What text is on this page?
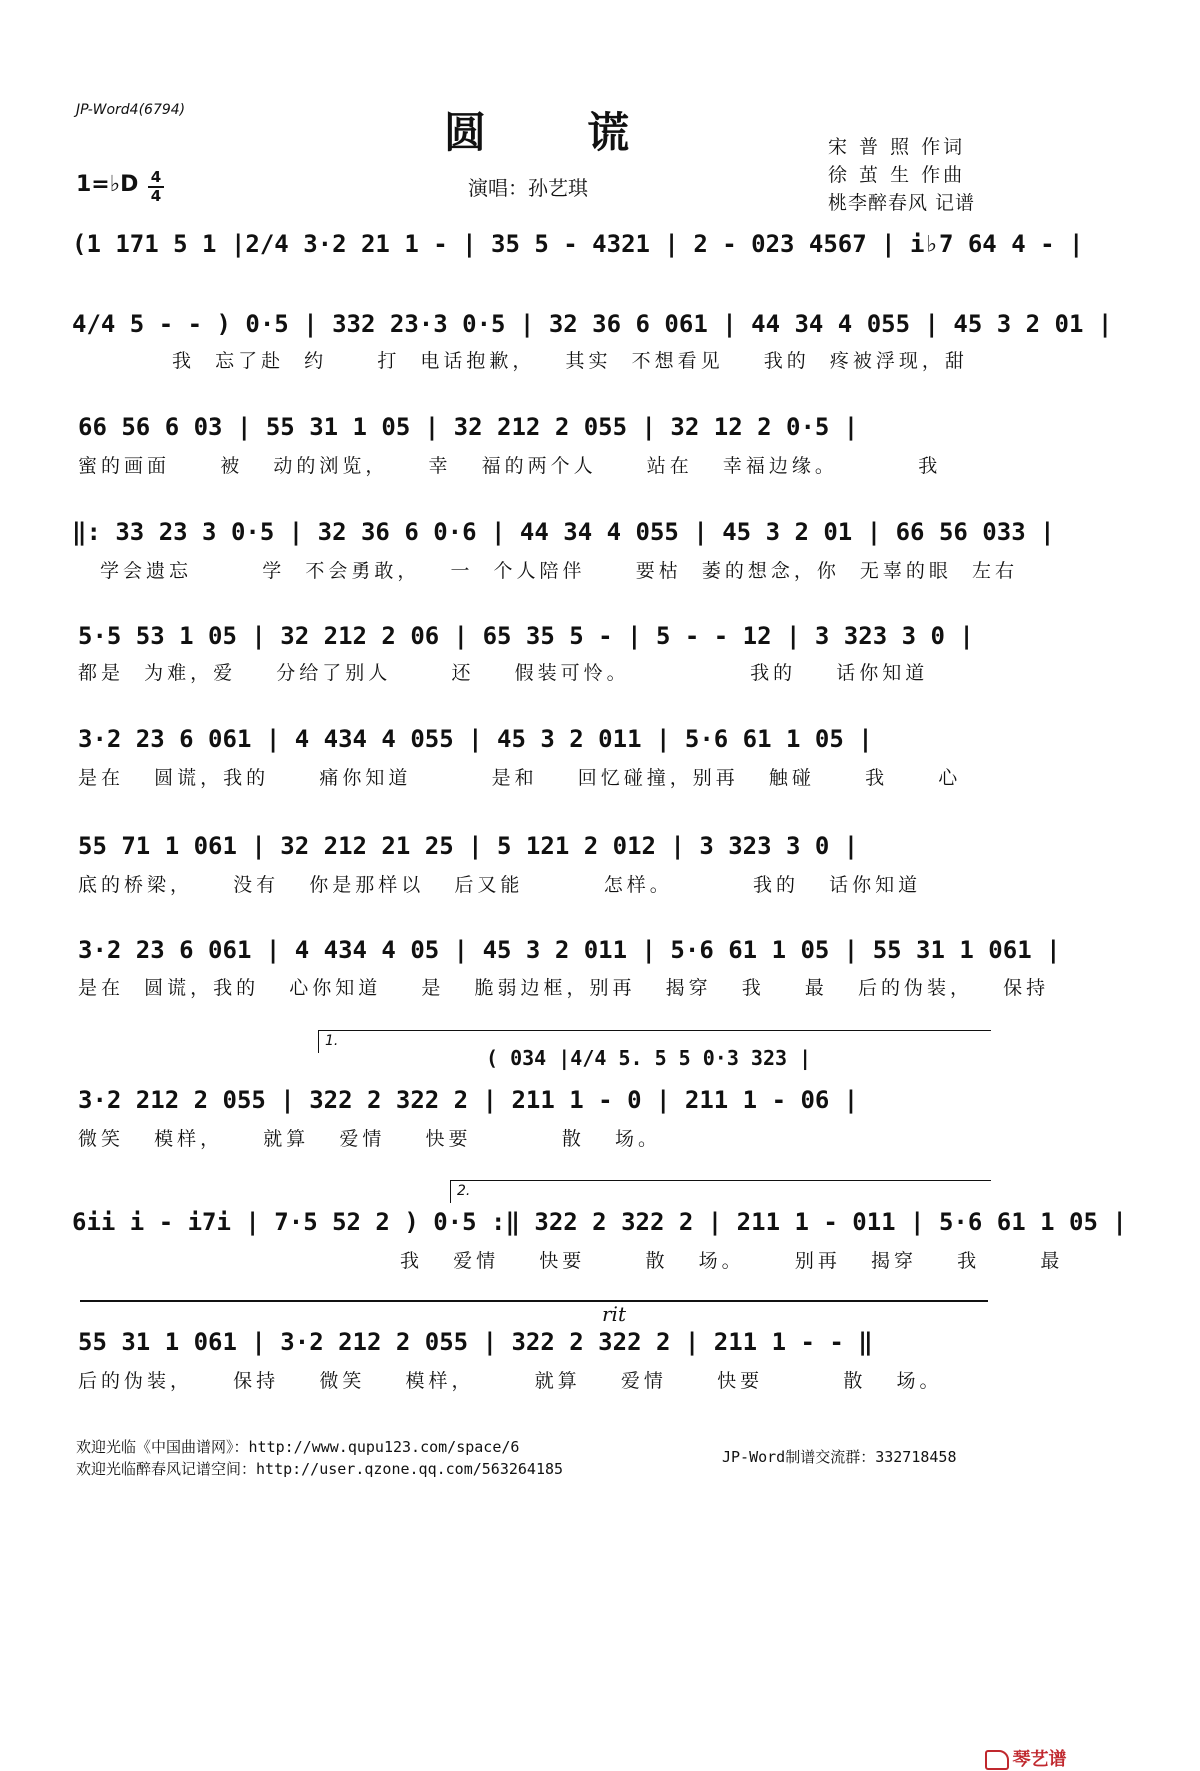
JP-Word4(6794)	圆  谎	宋 普 照 作词
徐 茧 生 作曲
桃李醉春风 记谱
1=♭D 4
4	演唱：孙艺琪
(1 171 5 1 |2/4 3·2 21 1 - | 35 5 - 4321 | 2 - 023 4567 | i♭7 64 4 - |
4/4 5 - - ) 0·5 | 332 23·3 0·5 | 32 36 6 061 | 44 34 4 055 | 45 3 2 01 |
我  忘了赴  约     打  电话抱歉，   其实  不想看见    我的  疼被浮现，甜
66 56 6 03 | 55 31 1 05 | 32 212 2 055 | 32 12 2 0·5 |
蜜的画面     被   动的浏览，    幸   福的两个人     站在   幸福边缘。        我
‖: 33 23 3 0·5 | 32 36 6 0·6 | 44 34 4 055 | 45 3 2 01 | 66 56 033 |
学会遗忘       学  不会勇敢，   一  个人陪伴     要枯  萎的想念，你  无辜的眼  左右
5·5 53 1 05 | 32 212 2 06 | 65 35 5 - | 5 - - 12 | 3 323 3 0 |
都是  为难，爱    分给了别人      还    假装可怜。            我的    话你知道
3·2 23 6 061 | 4 434 4 055 | 45 3 2 011 | 5·6 61 1 05 |
是在   圆谎，我的     痛你知道        是和    回忆碰撞，别再   触碰     我     心
55 71 1 061 | 32 212 21 25 | 5 121 2 012 | 3 323 3 0 |
底的桥梁，    没有   你是那样以   后又能        怎样。        我的   话你知道
3·2 23 6 061 | 4 434 4 05 | 45 3 2 011 | 5·6 61 1 05 | 55 31 1 061 |
是在  圆谎，我的   心你知道    是   脆弱边框，别再   揭穿   我    最   后的伪装，   保持
1.
( 034 |4/4 5. 5 5 0·3 323 |
3·2 212 2 055 | 322 2 322 2 | 211 1 - 0 | 211 1 - 06 |
微笑   模样，    就算   爱情    快要         散   场。
2.
6ii i - i7i | 7·5 52 2 ) 0·5 :‖ 322 2 322 2 | 211 1 - 011 | 5·6 61 1 05 |
我   爱情    快要      散   场。     别再   揭穿    我      最
rit
55 31 1 061 | 3·2 212 2 055 | 322 2 322 2 | 211 1 - - ‖
后的伪装，    保持    微笑    模样，      就算    爱情     快要        散   场。
欢迎光临《中国曲谱网》：http://www.qupu123.com/space/6
欢迎光临醉春风记谱空间：http://user.qzone.qq.com/563264185
JP-Word制谱交流群：332718458

琴艺谱
